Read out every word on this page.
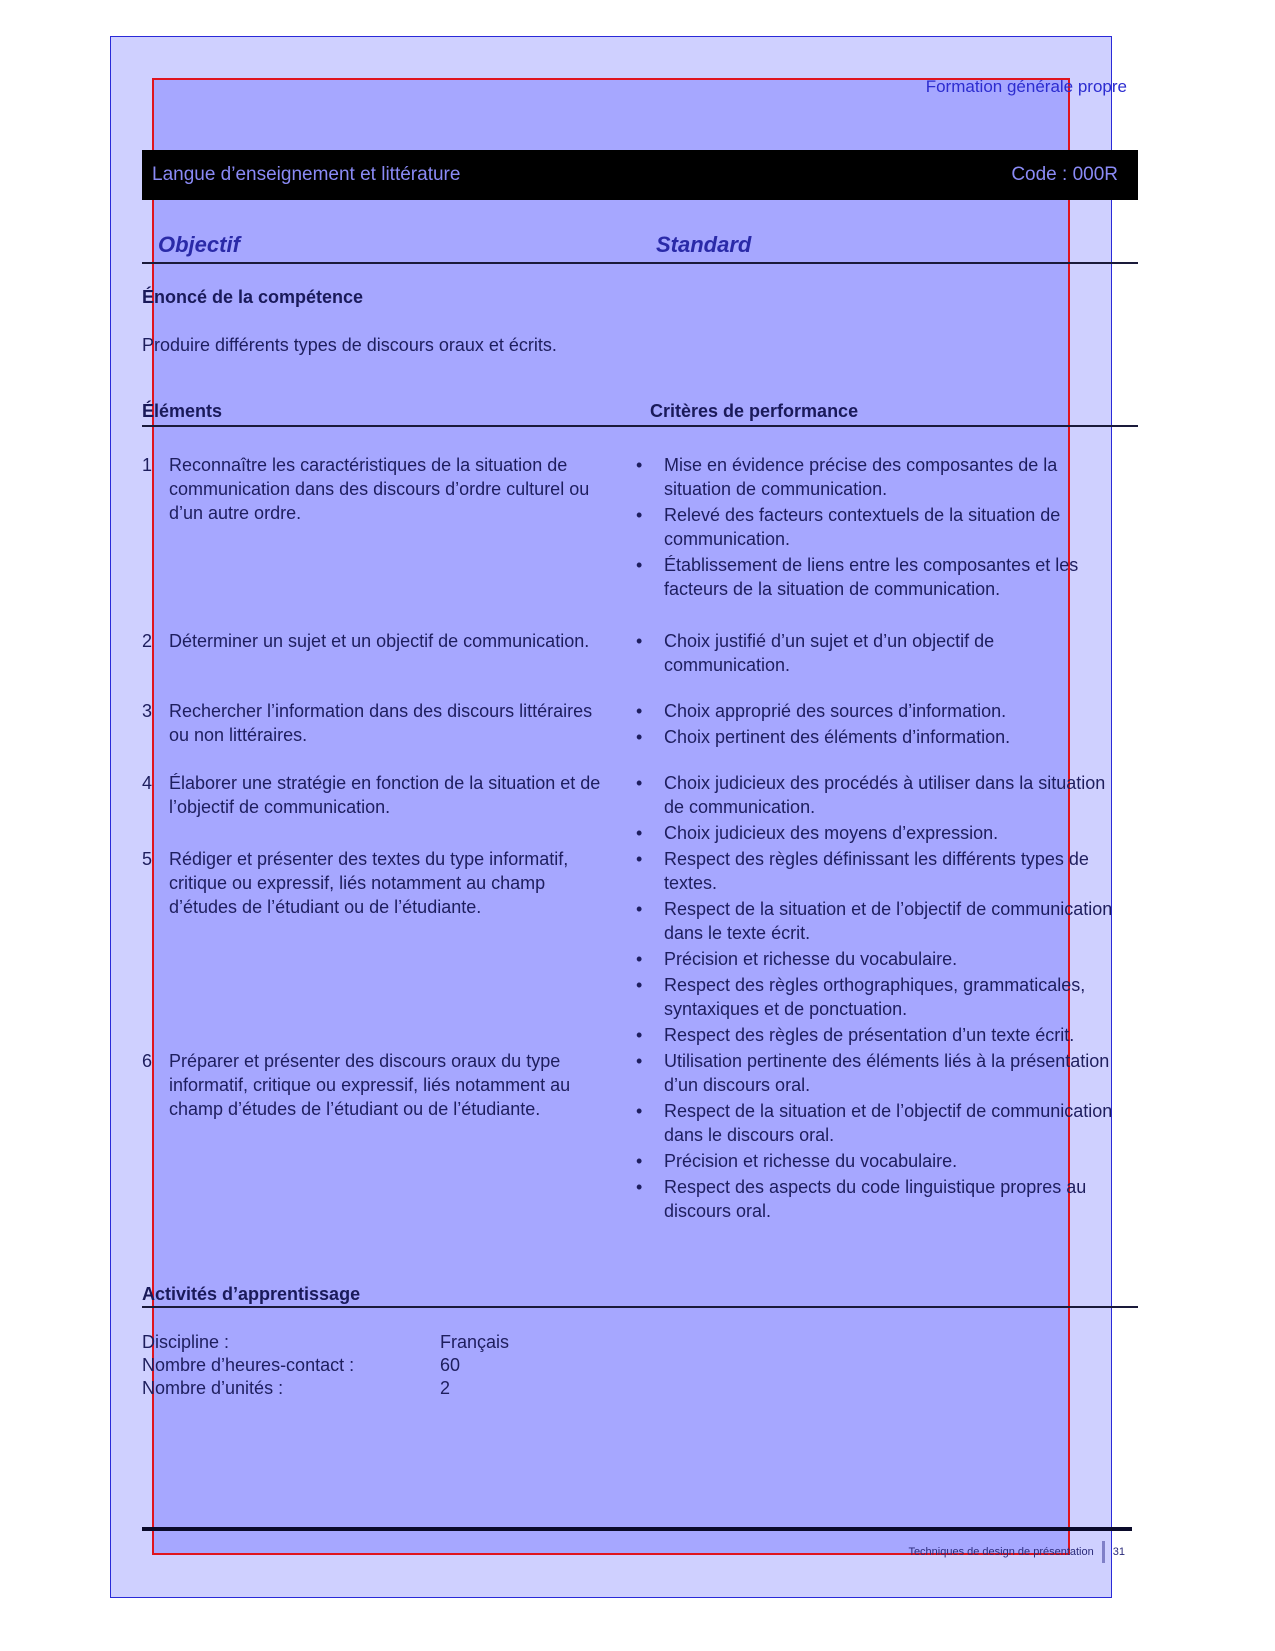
Formation générale propre
Langue d’enseignement et littérature	Code : 000R
Objectif	Standard
Énoncé de la compétence
Produire différents types de discours oraux et écrits.
Éléments	Critères de performance
1 Reconnaître les caractéristiques de la situation de communication dans des discours d’ordre culturel ou d’un autre ordre.
•	Mise en évidence précise des composantes de la situation de communication.
•	Relevé des facteurs contextuels de la situation de communication.
•	Établissement de liens entre les composantes et les facteurs de la situation de communication.
2 Déterminer un sujet et un objectif de communication.	•	Choix justifié d’un sujet et d’un objectif de communication.
3 Rechercher l’information dans des discours littéraires ou non littéraires.
•	Choix approprié des sources d’information.
•	Choix pertinent des éléments d’information.
4 Élaborer une stratégie en fonction de la situation et de l’objectif de communication.
•	Choix judicieux des procédés à utiliser dans la situation de communication.
•	Choix judicieux des moyens d’expression.
5 Rédiger et présenter des textes du type informatif, critique ou expressif, liés notamment au champ d’études de l’étudiant ou de l’étudiante.
•	Respect des règles définissant les différents types de textes.
•	Respect de la situation et de l’objectif de communication dans le texte écrit.
•	Précision et richesse du vocabulaire.
•	Respect des règles orthographiques, grammaticales, syntaxiques et de ponctuation.
•	Respect des règles de présentation d’un texte écrit.
6 Préparer et présenter des discours oraux du type informatif, critique ou expressif, liés notamment au champ d’études de l’étudiant ou de l’étudiante.
•	Utilisation pertinente des éléments liés à la présentation d’un discours oral.
•	Respect de la situation et de l’objectif de communication dans le discours oral.
•	Précision et richesse du vocabulaire.
•	Respect des aspects du code linguistique propres au discours oral.
Activités d’apprentissage
Discipline :	Français
Nombre d’heures-contact :	60
Nombre d’unités :	2
Techniques de design de présentation 31
